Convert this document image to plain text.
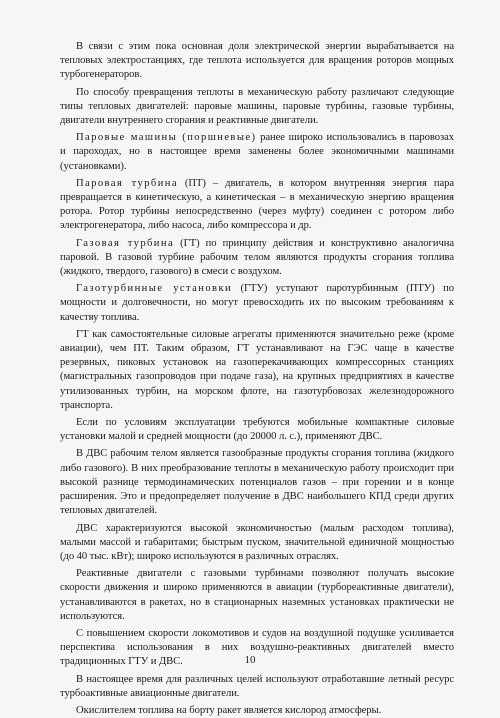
В связи с этим пока основная доля электрической энергии вырабатывается на тепловых электростанциях, где теплота используется для вращения роторов мощных турбогенераторов.

По способу превращения теплоты в механическую работу различают следующие типы тепловых двигателей: паровые машины, паровые турбины, газовые турбины, двигатели внутреннего сгорания и реактивные двигатели.

Паровые машины (поршневые) ранее широко использовались в паровозах и пароходах, но в настоящее время заменены более экономичными машинами (установками).

Паровая турбина (ПТ) – двигатель, в котором внутренняя энергия пара превращается в кинетическую, а кинетическая – в механическую энергию вращения ротора. Ротор турбины непосредственно (через муфту) соединен с ротором либо электрогенератора, либо насоса, либо компрессора и др.

Газовая турбина (ГТ) по принципу действия и конструктивно аналогична паровой. В газовой турбине рабочим телом являются продукты сгорания топлива (жидкого, твердого, газового) в смеси с воздухом.

Газотурбинные установки (ГТУ) уступают паротурбинным (ПТУ) по мощности и долговечности, но могут превосходить их по высоким требованиям к качеству топлива.

ГТ как самостоятельные силовые агрегаты применяются значительно реже (кроме авиации), чем ПТ. Таким образом, ГТ устанавливают на ГЭС чаще в качестве резервных, пиковых установок на газоперекачивающих компрессорных станциях (магистральных газопроводов при подаче газа), на крупных предприятиях в качестве утилизованных турбин, на морском флоте, на газотурбовозах железнодорожного транспорта.

Если по условиям эксплуатации требуются мобильные компактные силовые установки малой и средней мощности (до 20000 л. с.), применяют ДВС.

В ДВС рабочим телом является газообразные продукты сгорания топлива (жидкого либо газового). В них преобразование теплоты в механическую работу происходит при высокой разнице термодинамических потенциалов газов – при горении и в конце расширения. Это и предопределяет получение в ДВС наибольшего КПД среди других тепловых двигателей.

ДВС характеризуются высокой экономичностью (малым расходом топлива), малыми массой и габаритами; быстрым пуском, значительной единичной мощностью (до 40 тыс. кВт); широко используются в различных отраслях.

Реактивные двигатели с газовыми турбинами позволяют получать высокие скорости движения и широко применяются в авиации (турбореактивные двигатели), устанавливаются в ракетах, но в стационарных наземных установках практически не используются.

С повышением скорости локомотивов и судов на воздушной подушке усиливается перспектива использования в них воздушно-реактивных двигателей вместо традиционных ГТУ и ДВС.

В настоящее время для различных целей используют отработавшие летный ресурс турбоактивные авиационные двигатели.

Окислителем топлива на борту ракет является кислород атмосферы.

10
